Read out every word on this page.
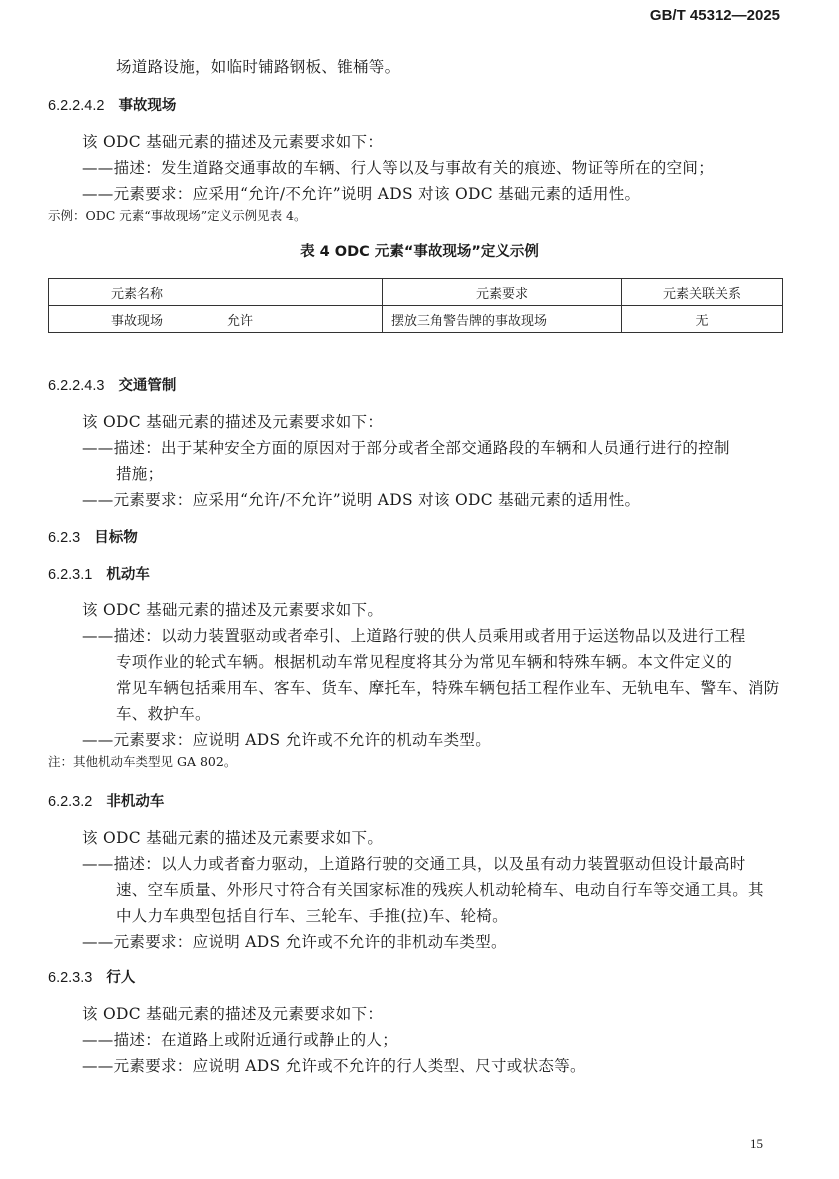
GB/T 45312—2025
场道路设施，如临时铺路钢板、锥桶等。
6.2.2.4.2 事故现场
该 ODC 基础元素的描述及元素要求如下：
——描述：发生道路交通事故的车辆、行人等以及与事故有关的痕迹、物证等所在的空间；
——元素要求：应采用“允许/不允许”说明 ADS 对该 ODC 基础元素的适用性。
示例：ODC 元素“事故现场”定义示例见表 4。
表 4 ODC 元素“事故现场”定义示例
元素名称	元素要求	元素关联关系
事故现场 允许	摆放三角警告牌的事故现场	无
6.2.2.4.3 交通管制
该 ODC 基础元素的描述及元素要求如下：
——描述：出于某种安全方面的原因对于部分或者全部交通路段的车辆和人员通行进行的控制
措施；
——元素要求：应采用“允许/不允许”说明 ADS 对该 ODC 基础元素的适用性。
6.2.3 目标物
6.2.3.1 机动车
该 ODC 基础元素的描述及元素要求如下。
——描述：以动力装置驱动或者牵引、上道路行驶的供人员乘用或者用于运送物品以及进行工程
专项作业的轮式车辆。根据机动车常见程度将其分为常见车辆和特殊车辆。本文件定义的
常见车辆包括乘用车、客车、货车、摩托车，特殊车辆包括工程作业车、无轨电车、警车、消防
车、救护车。
——元素要求：应说明 ADS 允许或不允许的机动车类型。
注：其他机动车类型见 GA 802。
6.2.3.2 非机动车
该 ODC 基础元素的描述及元素要求如下。
——描述：以人力或者畜力驱动，上道路行驶的交通工具，以及虽有动力装置驱动但设计最高时
速、空车质量、外形尺寸符合有关国家标准的残疾人机动轮椅车、电动自行车等交通工具。其
中人力车典型包括自行车、三轮车、手推(拉)车、轮椅。
——元素要求：应说明 ADS 允许或不允许的非机动车类型。
6.2.3.3 行人
该 ODC 基础元素的描述及元素要求如下：
——描述：在道路上或附近通行或静止的人；
——元素要求：应说明 ADS 允许或不允许的行人类型、尺寸或状态等。
15
